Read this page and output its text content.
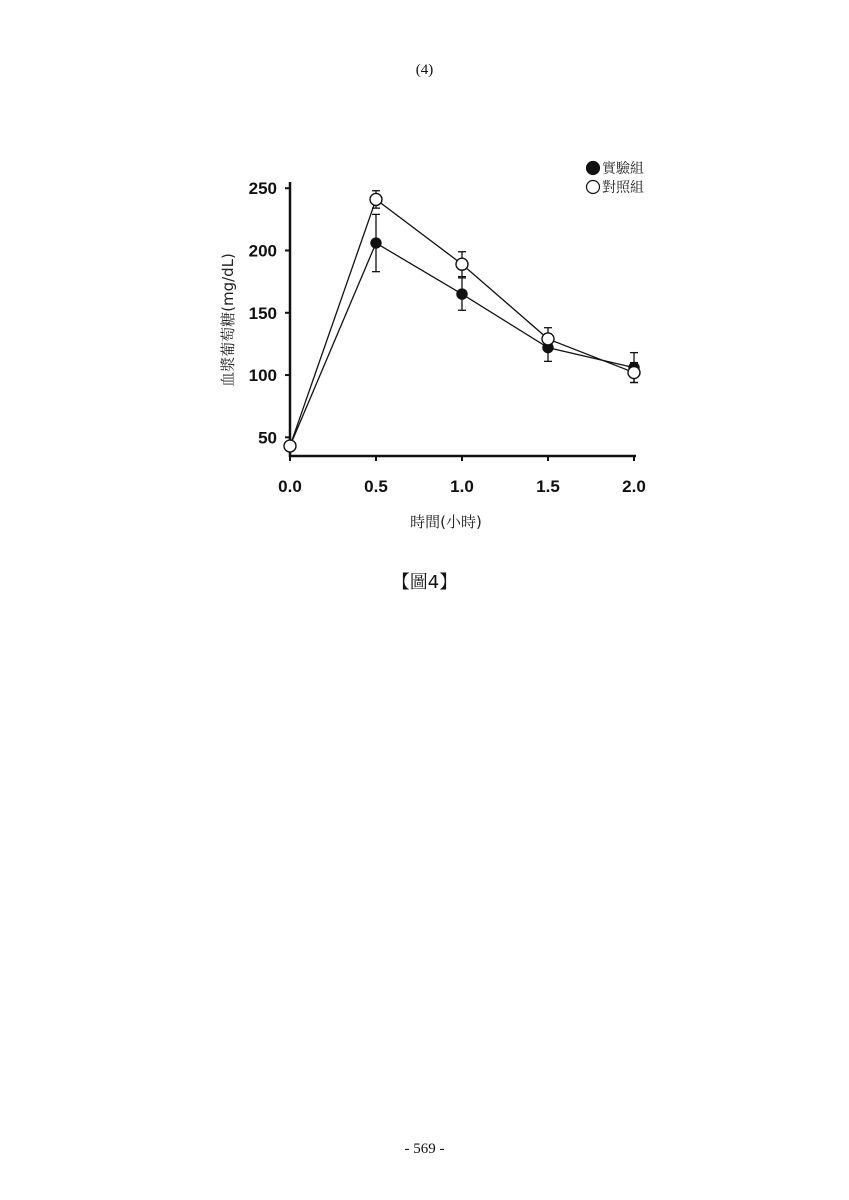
(4)
50
100
150
200
250
0.0	0.5	1.0	1.5	2.0
時間(小時)
血漿葡萄糖(mg/dL)
實驗組
對照組
【圖4】
- 569 -
